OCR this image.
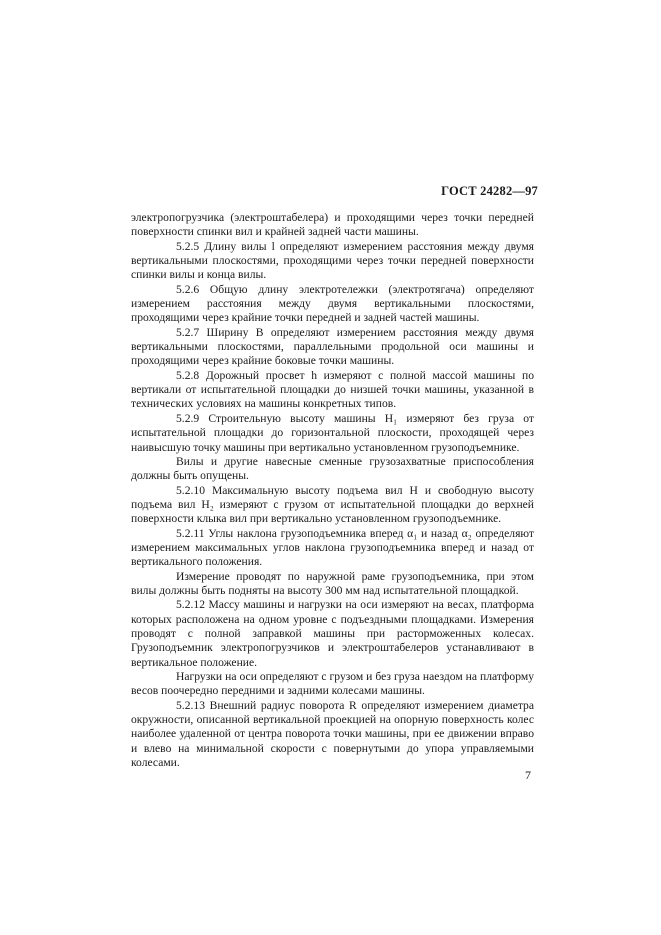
ГОСТ 24282—97

электропогрузчика (электроштабелера) и проходящими через точки передней поверхности спинки вил и крайней задней части машины.

5.2.5 Длину вилы l определяют измерением расстояния между двумя вертикальными плоскостями, проходящими через точки передней поверхности спинки вилы и конца вилы.

5.2.6 Общую длину электротележки (электротягача) определяют измерением расстояния между двумя вертикальными плоскостями, проходящими через крайние точки передней и задней частей машины.

5.2.7 Ширину B определяют измерением расстояния между двумя вертикальными плоскостями, параллельными продольной оси машины и проходящими через крайние боковые точки машины.

5.2.8 Дорожный просвет h измеряют с полной массой машины по вертикали от испытательной площадки до низшей точки машины, указанной в технических условиях на машины конкретных типов.

5.2.9 Строительную высоту машины H₁ измеряют без груза от испытательной площадки до горизонтальной плоскости, проходящей через наивысшую точку машины при вертикально установленном грузоподъемнике.

Вилы и другие навесные сменные грузозахватные приспособления должны быть опущены.

5.2.10 Максимальную высоту подъема вил H и свободную высоту подъема вил H₂ измеряют с грузом от испытательной площадки до верхней поверхности клыка вил при вертикально установленном грузоподъемнике.

5.2.11 Углы наклона грузоподъемника вперед α₁ и назад α₂ определяют измерением максимальных углов наклона грузоподъемника вперед и назад от вертикального положения.

Измерение проводят по наружной раме грузоподъемника, при этом вилы должны быть подняты на высоту 300 мм над испытательной площадкой.

5.2.12 Массу машины и нагрузки на оси измеряют на весах, платформа которых расположена на одном уровне с подъездными площадками. Измерения проводят с полной заправкой машины при расторможенных колесах. Грузоподъемник электропогрузчиков и электроштабелеров устанавливают в вертикальное положение.

Нагрузки на оси определяют с грузом и без груза наездом на платформу весов поочередно передними и задними колесами машины.

5.2.13 Внешний радиус поворота R определяют измерением диаметра окружности, описанной вертикальной проекцией на опорную поверхность колес наиболее удаленной от центра поворота точки машины, при ее движении вправо и влево на минимальной скорости с повернутыми до упора управляемыми колесами.

7
